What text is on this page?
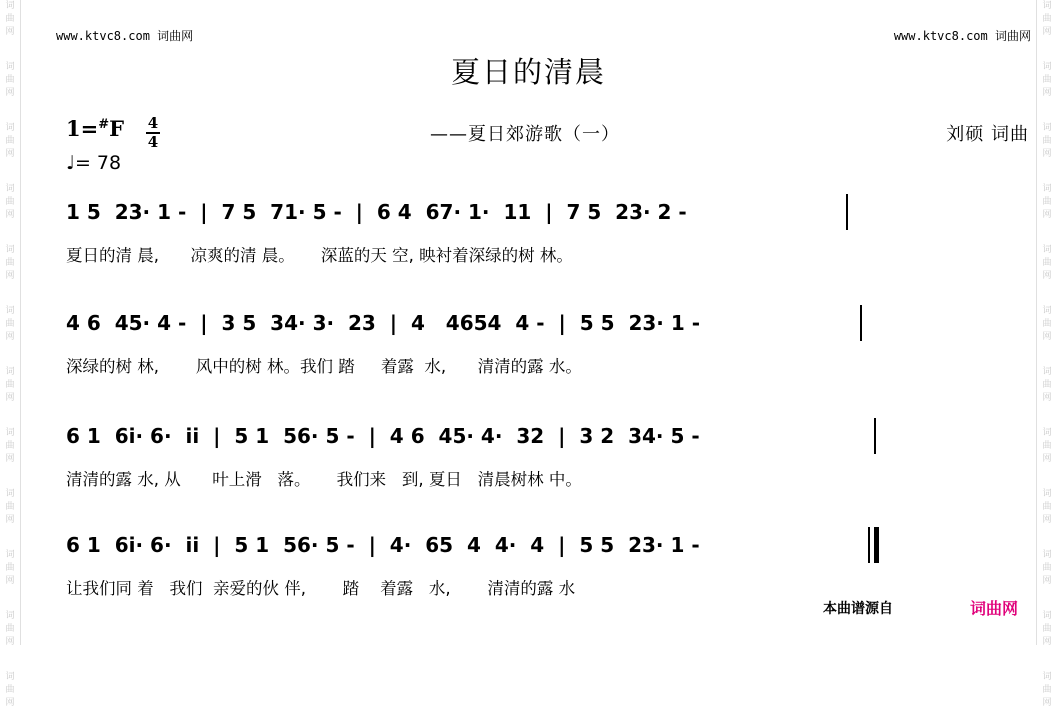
词
曲
网
词
曲
网
词
曲
网
词
曲
网
词
曲
网
词
曲
网
词
曲
网
词
曲
网
词
曲
网
词
曲
网
词
曲
网
词
曲
网
词
曲
网
词
曲
网
词
曲
网
词
曲
网
词
曲
网
词
曲
网
词
曲
网
词
曲
网
词
曲
网
词
曲
网
词
曲
网
词
曲
网
www.ktvc8.com 词曲网	www.ktvc8.com 词曲网
夏日的清晨
1=#F 4
4
♩= 78
——夏日郊游歌（一）	刘硕 词曲
1 5  23· 1 -  |  7 5  71· 5 -  |  6 4  67· 1·  11  |  7 5  23· 2 -
夏日的清 晨,      凉爽的清 晨。     深蓝的天 空, 映衬着深绿的树 林。
4 6  45· 4 -  |  3 5  34· 3·  23  |  4   4654  4 -  |  5 5  23· 1 -
深绿的树 林,       风中的树 林。我们 踏     着露  水,      清清的露 水。
6 1  6i· 6·  ii  |  5 1  56· 5 -  |  4 6  45· 4·  32  |  3 2  34· 5 -
清清的露 水, 从      叶上滑   落。     我们来   到, 夏日   清晨树林 中。
6 1  6i· 6·  ii  |  5 1  56· 5 -  |  4·  65  4  4·  4  |  5 5  23· 1 -
让我们同 着   我们  亲爱的伙 伴,       踏    着露   水,       清清的露 水
本曲谱源自	词曲网
